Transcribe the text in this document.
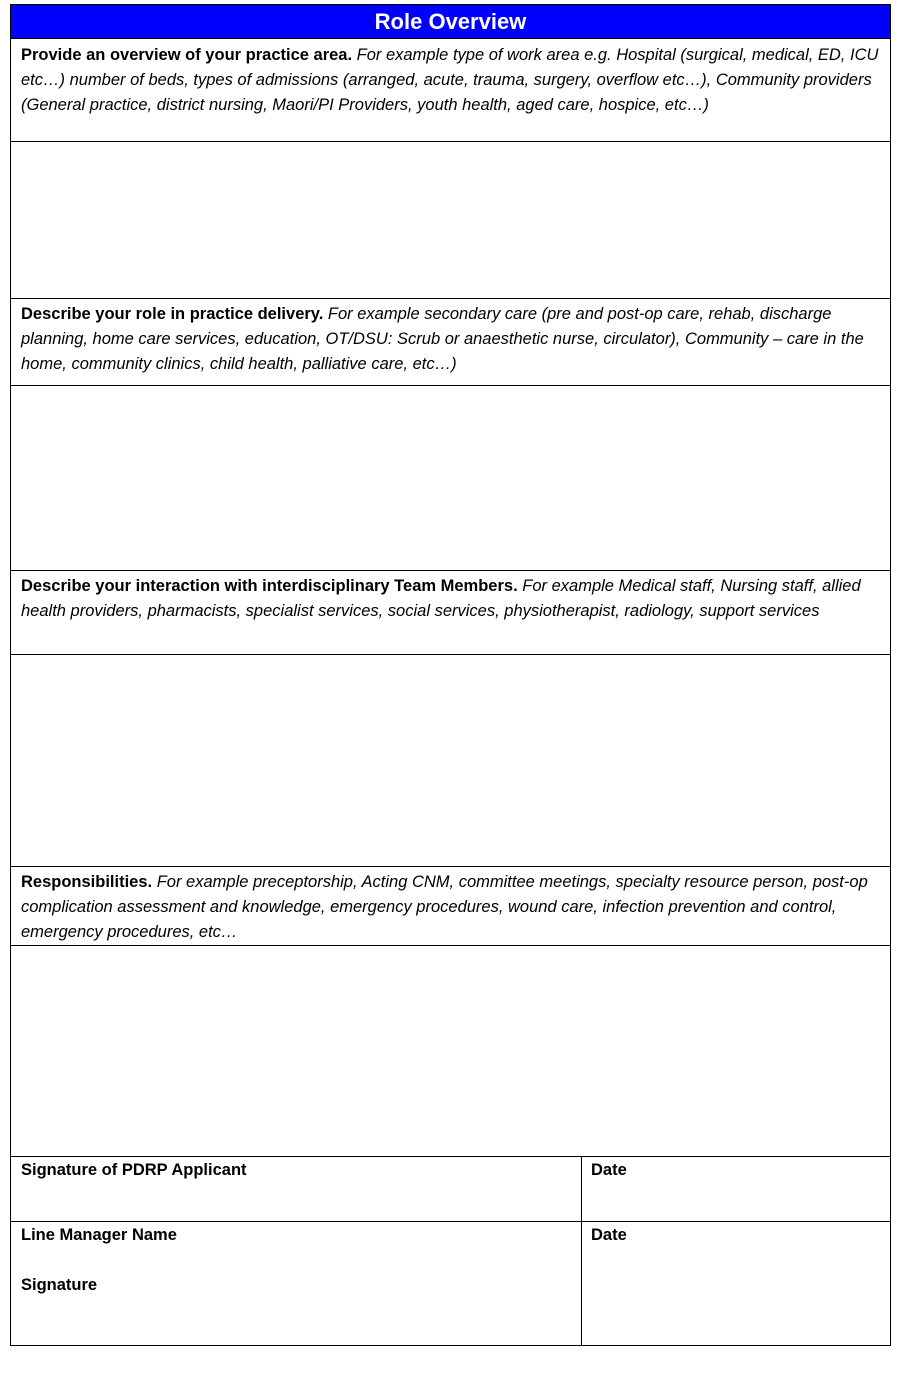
Role Overview
Provide an overview of your practice area. For example type of work area e.g. Hospital (surgical, medical, ED, ICU etc…) number of beds, types of admissions (arranged, acute, trauma, surgery, overflow etc…), Community providers (General practice, district nursing, Maori/PI Providers, youth health, aged care, hospice, etc…)
Describe your role in practice delivery. For example secondary care (pre and post-op care, rehab, discharge planning, home care services, education, OT/DSU: Scrub or anaesthetic nurse, circulator), Community – care in the home, community clinics, child health, palliative care, etc…)
Describe your interaction with interdisciplinary Team Members. For example Medical staff, Nursing staff, allied health providers, pharmacists, specialist services, social services, physiotherapist, radiology, support services
Responsibilities. For example preceptorship, Acting CNM, committee meetings, specialty resource person, post-op complication assessment and knowledge, emergency procedures, wound care, infection prevention and control, emergency procedures, etc…
Signature of PDRP Applicant	Date
Line Manager Name	Date
Signature
